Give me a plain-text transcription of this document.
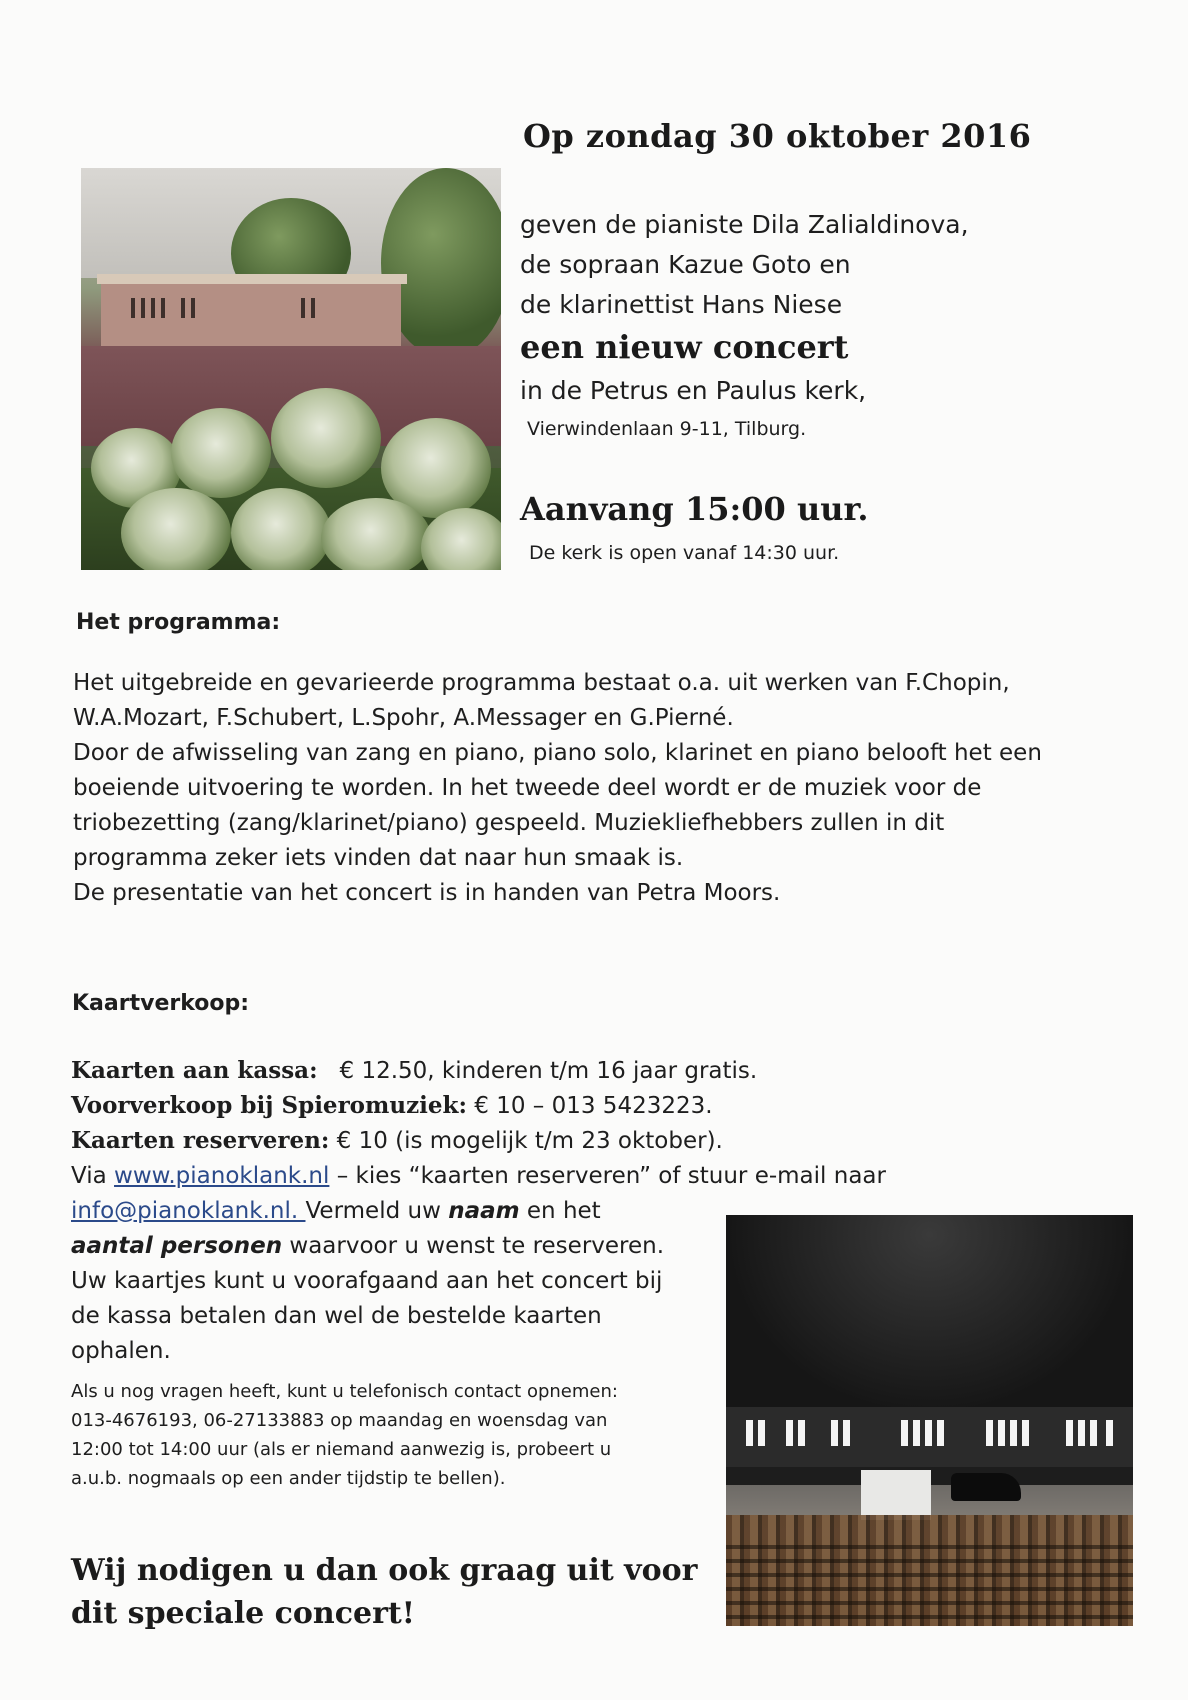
Op zondag 30 oktober 2016
geven de pianiste Dila Zalialdinova,
de sopraan Kazue Goto en
de klarinettist Hans Niese
een nieuw concert
in de Petrus en Paulus kerk,
Vierwindenlaan 9-11, Tilburg.
Aanvang 15:00 uur.
De kerk is open vanaf 14:30 uur.
Het programma:
Het uitgebreide en gevarieerde programma bestaat o.a. uit werken van F.Chopin,
W.A.Mozart, F.Schubert, L.Spohr, A.Messager en G.Pierné.
Door de afwisseling van zang en piano, piano solo, klarinet en piano belooft het een
boeiende uitvoering te worden. In het tweede deel wordt er de muziek voor de
triobezetting (zang/klarinet/piano) gespeeld. Muziekliefhebbers zullen in dit
programma zeker iets vinden dat naar hun smaak is.
De presentatie van het concert is in handen van Petra Moors.
Kaartverkoop:
Kaarten aan kassa: € 12.50, kinderen t/m 16 jaar gratis.
Voorverkoop bij Spieromuziek: € 10 – 013 5423223.
Kaarten reserveren: € 10 (is mogelijk t/m 23 oktober).
Via www.pianoklank.nl – kies “kaarten reserveren” of stuur e-mail naar
info@pianoklank.nl. Vermeld uw naam en het
aantal personen waarvoor u wenst te reserveren.
Uw kaartjes kunt u voorafgaand aan het concert bij
de kassa betalen dan wel de bestelde kaarten
ophalen.
Als u nog vragen heeft, kunt u telefonisch contact opnemen:
013-4676193, 06-27133883 op maandag en woensdag van
12:00 tot 14:00 uur (als er niemand aanwezig is, probeert u
a.u.b. nogmaals op een ander tijdstip te bellen).
Wij nodigen u dan ook graag uit voor
dit speciale concert!
